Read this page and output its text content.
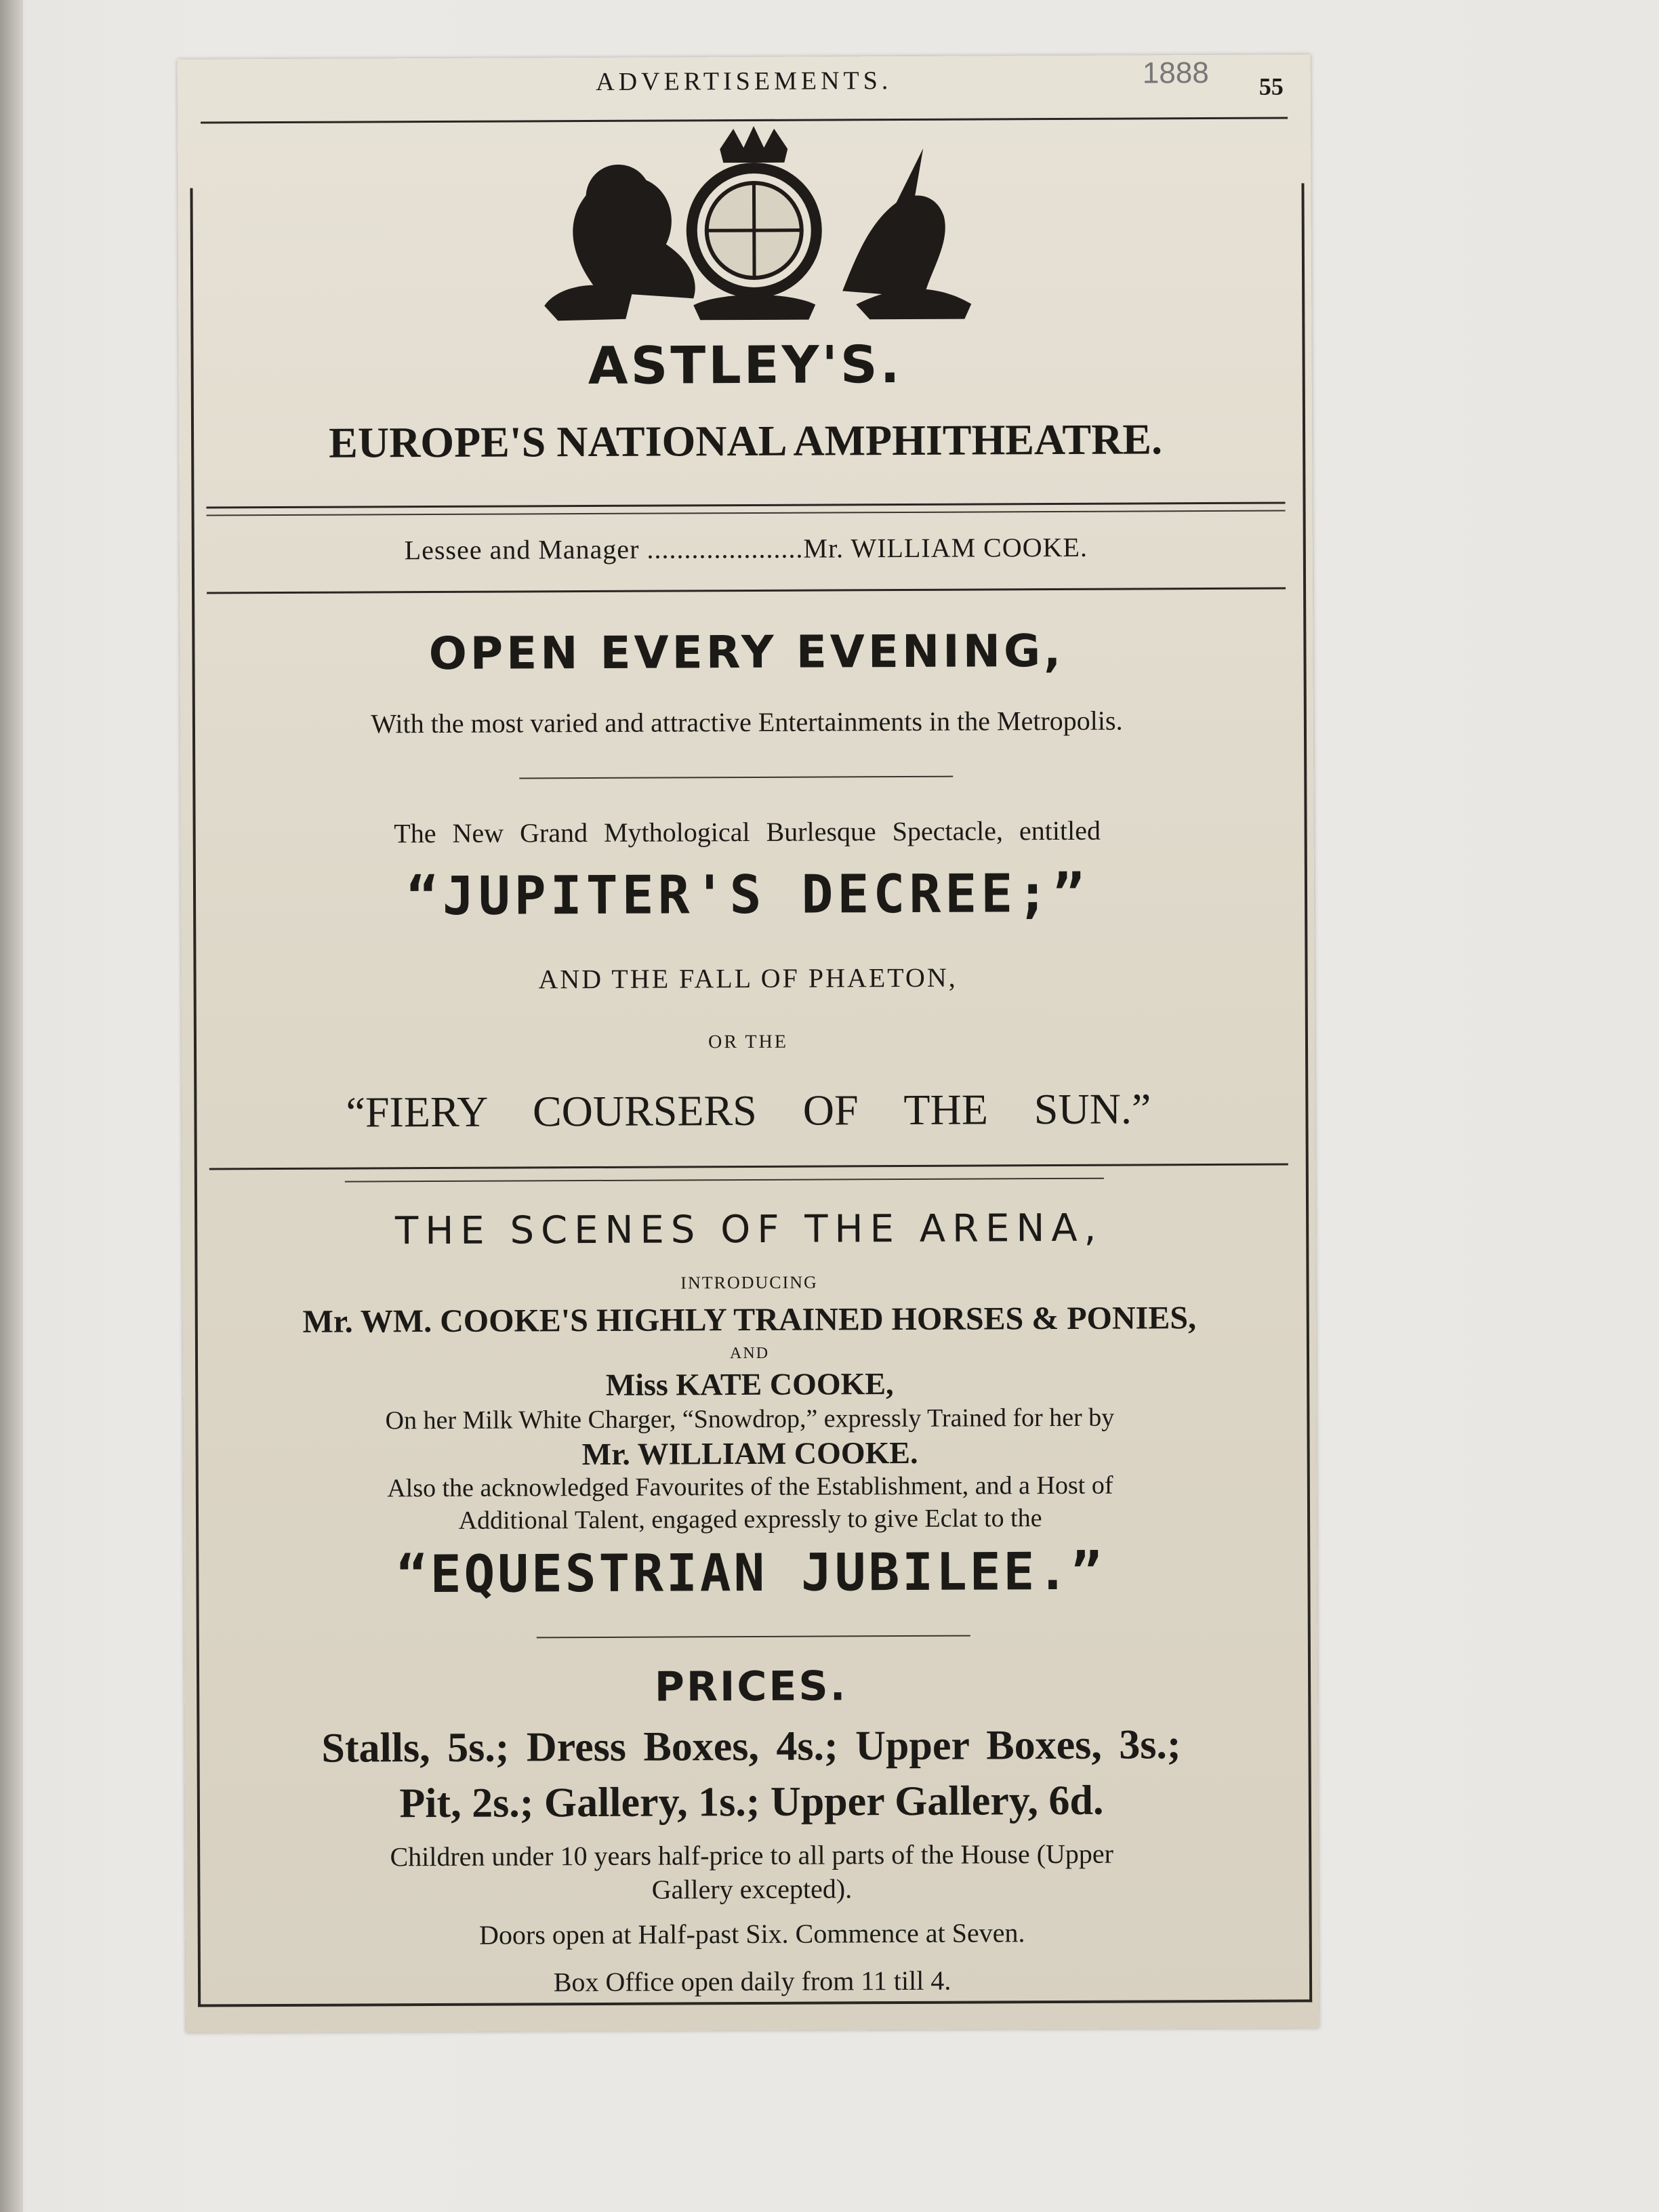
ADVERTISEMENTS.	1888 55
ASTLEY'S.
EUROPE'S NATIONAL AMPHITHEATRE.
Lessee and Manager .....................Mr. WILLIAM COOKE.
OPEN EVERY EVENING,
With the most varied and attractive Entertainments in the Metropolis.
The New Grand Mythological Burlesque Spectacle, entitled
“JUPITER'S DECREE;”
AND THE FALL OF PHAETON,
OR THE
“FIERY COURSERS OF THE SUN.”
THE SCENES OF THE ARENA,
INTRODUCING
Mr. WM. COOKE'S HIGHLY TRAINED HORSES & PONIES,
AND
Miss KATE COOKE,
On her Milk White Charger, “Snowdrop,” expressly Trained for her by
Mr. WILLIAM COOKE.
Also the acknowledged Favourites of the Establishment, and a Host of
Additional Talent, engaged expressly to give Eclat to the
“EQUESTRIAN JUBILEE.”
PRICES.
Stalls, 5s.; Dress Boxes, 4s.; Upper Boxes, 3s.;
Pit, 2s.; Gallery, 1s.; Upper Gallery, 6d.
Children under 10 years half-price to all parts of the House (Upper
Gallery excepted).
Doors open at Half-past Six. Commence at Seven.
Box Office open daily from 11 till 4.
